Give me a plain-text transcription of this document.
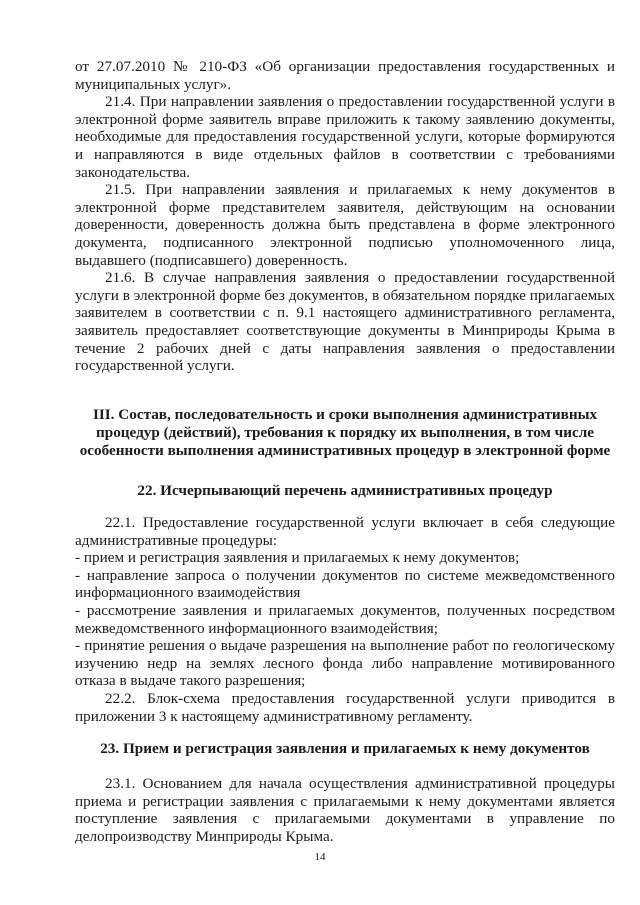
от 27.07.2010 № 210-ФЗ «Об организации предоставления государственных и муниципальных услуг».

21.4. При направлении заявления о предоставлении государственной услуги в электронной форме заявитель вправе приложить к такому заявлению документы, необходимые для предоставления государственной услуги, которые формируются и направляются в виде отдельных файлов в соответствии с требованиями законодательства.

21.5. При направлении заявления и прилагаемых к нему документов в электронной форме представителем заявителя, действующим на основании доверенности, доверенность должна быть представлена в форме электронного документа, подписанного электронной подписью уполномоченного лица, выдавшего (подписавшего) доверенность.

21.6. В случае направления заявления о предоставлении государственной услуги в электронной форме без документов, в обязательном порядке прилагаемых заявителем в соответствии с п. 9.1 настоящего административного регламента, заявитель предоставляет соответствующие документы в Минприроды Крыма в течение 2 рабочих дней с даты направления заявления о предоставлении государственной услуги.

III. Состав, последовательность и сроки выполнения административных процедур (действий), требования к порядку их выполнения, в том числе особенности выполнения административных процедур в электронной форме
22. Исчерпывающий перечень административных процедур

22.1. Предоставление государственной услуги включает в себя следующие административные процедуры:

- прием и регистрация заявления и прилагаемых к нему документов;

- направление запроса о получении документов по системе межведомственного информационного взаимодействия

- рассмотрение заявления и прилагаемых документов, полученных посредством межведомственного информационного взаимодействия;

- принятие решения о выдаче разрешения на выполнение работ по геологическому изучению недр на землях лесного фонда либо направление мотивированного отказа в выдаче такого разрешения;

22.2. Блок-схема предоставления государственной услуги приводится в приложении 3 к настоящему административному регламенту.

23. Прием и регистрация заявления и прилагаемых к нему документов

23.1. Основанием для начала осуществления административной процедуры приема и регистрации заявления с прилагаемыми к нему документами является поступление заявления с прилагаемыми документами в управление по делопроизводству Минприроды Крыма.

14
